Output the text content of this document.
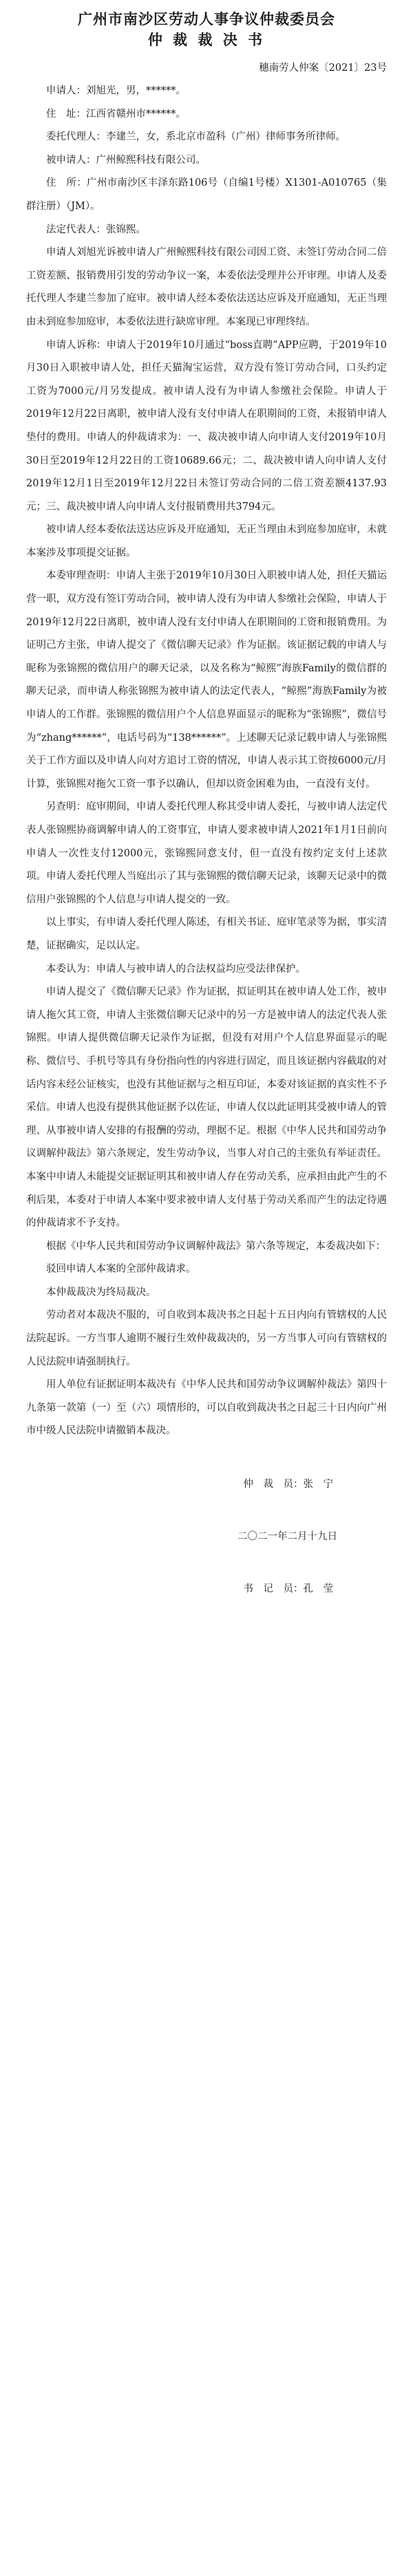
广州市南沙区劳动人事争议仲裁委员会
仲 裁 裁 决 书

穗南劳人仲案〔2021〕23号

申请人：刘旭光，男，******。

住　址：江西省赣州市******。

委托代理人：李建兰，女，系北京市盈科（广州）律师事务所律师。

被申请人：广州鲸熙科技有限公司。

住　所：广州市南沙区丰泽东路106号（自编1号楼）X1301-A010765（集群注册）（JM）。

法定代表人：张锦熙。

申请人刘旭光诉被申请人广州鲸熙科技有限公司因工资、未签订劳动合同二倍工资差额、报销费用引发的劳动争议一案，本委依法受理并公开审理。申请人及委托代理人李建兰参加了庭审。被申请人经本委依法送达应诉及开庭通知，无正当理由未到庭参加庭审，本委依法进行缺席审理。本案现已审理终结。

申请人诉称：申请人于2019年10月通过“boss直聘”APP应聘，于2019年10月30日入职被申请人处，担任天猫淘宝运营，双方没有签订劳动合同，口头约定工资为7000元/月另发提成。被申请人没有为申请人参缴社会保险。申请人于2019年12月22日离职，被申请人没有支付申请人在职期间的工资，未报销申请人垫付的费用。申请人的仲裁请求为：一、裁决被申请人向申请人支付2019年10月30日至2019年12月22日的工资10689.66元；二、裁决被申请人向申请人支付2019年12月1日至2019年12月22日未签订劳动合同的二倍工资差额4137.93元；三、裁决被申请人向申请人支付报销费用共3794元。

被申请人经本委依法送达应诉及开庭通知，无正当理由未到庭参加庭审，未就本案涉及事项提交证据。

本委审理查明：申请人主张于2019年10月30日入职被申请人处，担任天猫运营一职，双方没有签订劳动合同，被申请人没有为申请人参缴社会保险，申请人于2019年12月22日离职，被申请人没有支付申请人在职期间的工资和报销费用。为证明己方主张，申请人提交了《微信聊天记录》作为证据。该证据记载的申请人与昵称为张锦熙的微信用户的聊天记录，以及名称为“鲸熙”海族Family的微信群的聊天记录，而申请人称张锦熙为被申请人的法定代表人，“鲸熙”海族Family为被申请人的工作群。张锦熙的微信用户个人信息界面显示的昵称为“张锦熙”，微信号为“zhang******”，电话号码为“138******”。上述聊天记录记载申请人与张锦熙关于工作方面以及申请人向对方追讨工资的情况，申请人表示其工资按6000元/月计算，张锦熙对拖欠工资一事予以确认，但却以资金困难为由，一直没有支付。

另查明：庭审期间，申请人委托代理人称其受申请人委托，与被申请人法定代表人张锦熙协商调解申请人的工资事宜，申请人要求被申请人2021年1月1日前向申请人一次性支付12000元，张锦熙同意支付，但一直没有按约定支付上述款项。申请人委托代理人当庭出示了其与张锦熙的微信聊天记录，该聊天记录中的微信用户张锦熙的个人信息与申请人提交的一致。

以上事实，有申请人委托代理人陈述，有相关书证、庭审笔录等为据，事实清楚，证据确实，足以认定。

本委认为：申请人与被申请人的合法权益均应受法律保护。

申请人提交了《微信聊天记录》作为证据，拟证明其在被申请人处工作，被申请人拖欠其工资，申请人主张微信聊天记录中的另一方是被申请人的法定代表人张锦熙。申请人提供微信聊天记录作为证据，但没有对用户个人信息界面显示的昵称、微信号、手机号等具有身份指向性的内容进行固定，而且该证据内容截取的对话内容未经公证核实，也没有其他证据与之相互印证，本委对该证据的真实性不予采信。申请人也没有提供其他证据予以佐证，申请人仅以此证明其受被申请人的管理、从事被申请人安排的有报酬的劳动，理据不足。根据《中华人民共和国劳动争议调解仲裁法》第六条规定，发生劳动争议，当事人对自己的主张负有举证责任。本案中申请人未能提交证据证明其和被申请人存在劳动关系，应承担由此产生的不利后果，本委对于申请人本案中要求被申请人支付基于劳动关系而产生的法定待遇的仲裁请求不予支持。

根据《中华人民共和国劳动争议调解仲裁法》第六条等规定，本委裁决如下：

驳回申请人本案的全部仲裁请求。

本仲裁裁决为终局裁决。

劳动者对本裁决不服的，可自收到本裁决书之日起十五日内向有管辖权的人民法院起诉。一方当事人逾期不履行生效仲裁裁决的，另一方当事人可向有管辖权的人民法院申请强制执行。

用人单位有证据证明本裁决有《中华人民共和国劳动争议调解仲裁法》第四十九条第一款第（一）至（六）项情形的，可以自收到裁决书之日起三十日内向广州市中级人民法院申请撤销本裁决。

仲　裁　员：张　宁

二〇二一年二月十九日

书　记　员：孔　莹
